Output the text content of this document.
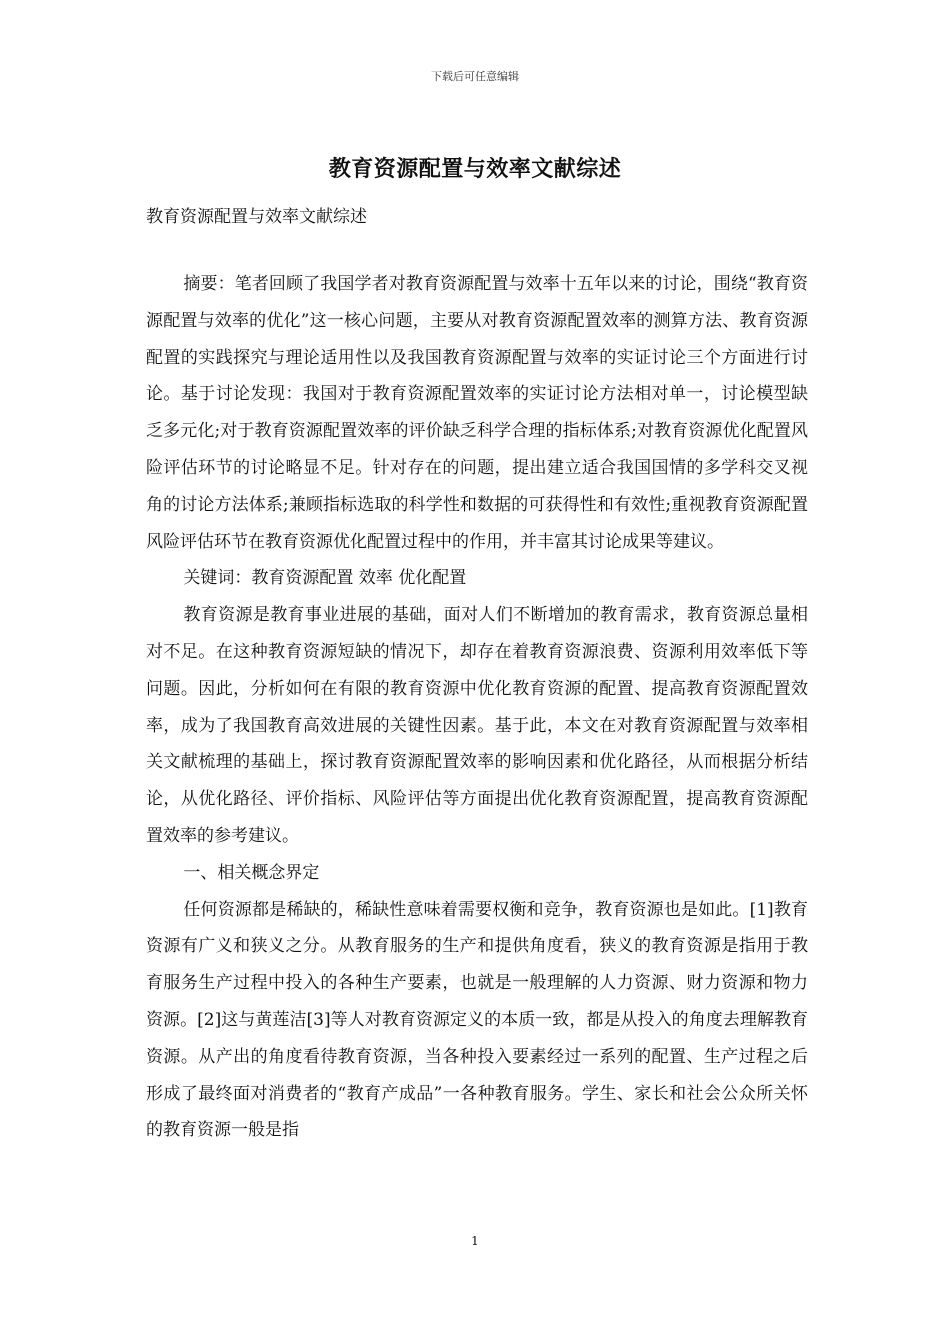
下载后可任意编辑
教育资源配置与效率文献综述
教育资源配置与效率文献综述

摘要：笔者回顾了我国学者对教育资源配置与效率十五年以来的讨论，围绕“教育资源配置与效率的优化”这一核心问题，主要从对教育资源配置效率的测算方法、教育资源配置的实践探究与理论适用性以及我国教育资源配置与效率的实证讨论三个方面进行讨论。基于讨论发现：我国对于教育资源配置效率的实证讨论方法相对单一，讨论模型缺乏多元化;对于教育资源配置效率的评价缺乏科学合理的指标体系;对教育资源优化配置风险评估环节的讨论略显不足。针对存在的问题，提出建立适合我国国情的多学科交叉视角的讨论方法体系;兼顾指标选取的科学性和数据的可获得性和有效性;重视教育资源配置风险评估环节在教育资源优化配置过程中的作用，并丰富其讨论成果等建议。

关键词：教育资源配置 效率 优化配置

教育资源是教育事业进展的基础，面对人们不断增加的教育需求，教育资源总量相对不足。在这种教育资源短缺的情况下，却存在着教育资源浪费、资源利用效率低下等问题。因此，分析如何在有限的教育资源中优化教育资源的配置、提高教育资源配置效率，成为了我国教育高效进展的关键性因素。基于此，本文在对教育资源配置与效率相关文献梳理的基础上，探讨教育资源配置效率的影响因素和优化路径，从而根据分析结论，从优化路径、评价指标、风险评估等方面提出优化教育资源配置，提高教育资源配置效率的参考建议。

一、相关概念界定

任何资源都是稀缺的，稀缺性意味着需要权衡和竞争，教育资源也是如此。[1]教育资源有广义和狭义之分。从教育服务的生产和提供角度看，狭义的教育资源是指用于教育服务生产过程中投入的各种生产要素，也就是一般理解的人力资源、财力资源和物力资源。[2]这与黄莲洁[3]等人对教育资源定义的本质一致，都是从投入的角度去理解教育资源。从产出的角度看待教育资源，当各种投入要素经过一系列的配置、生产过程之后形成了最终面对消费者的“教育产成品”一各种教育服务。学生、家长和社会公众所关怀的教育资源一般是指

1
